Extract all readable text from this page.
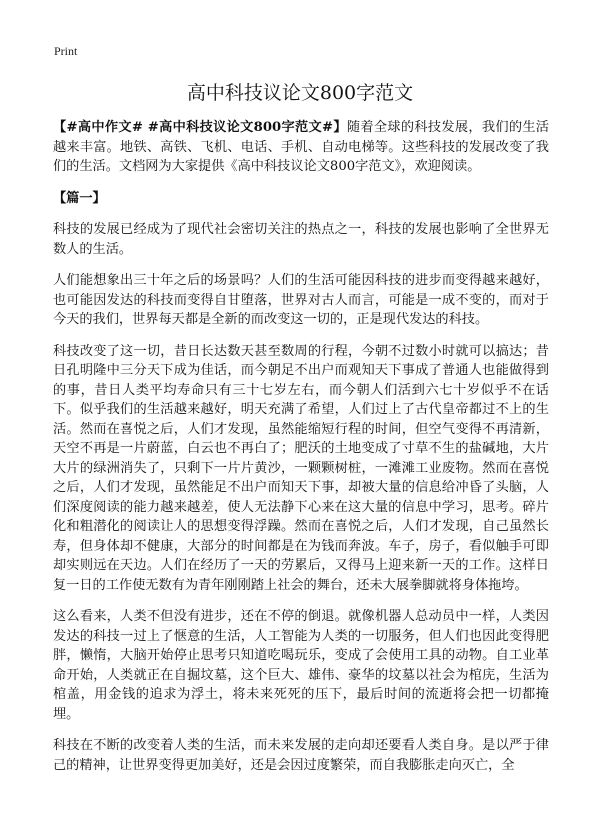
Print
高中科技议论文800字范文

【#高中作文# #高中科技议论文800字范文#】随着全球的科技发展，我们的生活越来丰富。地铁、高铁、飞机、电话、手机、自动电梯等。这些科技的发展改变了我们的生活。文档网为大家提供《高中科技议论文800字范文》，欢迎阅读。

【篇一】

科技的发展已经成为了现代社会密切关注的热点之一，科技的发展也影响了全世界无数人的生活。

人们能想象出三十年之后的场景吗？人们的生活可能因科技的进步而变得越来越好，也可能因发达的科技而变得自甘堕落，世界对古人而言，可能是一成不变的，而对于今天的我们，世界每天都是全新的而改变这一切的，正是现代发达的科技。

科技改变了这一切，昔日长达数天甚至数周的行程，今朝不过数小时就可以搞达；昔日孔明隆中三分天下成为佳话，而今朝足不出户而观知天下事成了普通人也能做得到的事，昔日人类平均寿命只有三十七岁左右，而今朝人们活到六七十岁似乎不在话下。似乎我们的生活越来越好，明天充满了希望，人们过上了古代皇帝都过不上的生活。然而在喜悦之后，人们才发现，虽然能缩短行程的时间，但空气变得不再清新，天空不再是一片蔚蓝，白云也不再白了；肥沃的土地变成了寸草不生的盐碱地，大片大片的绿洲消失了，只剩下一片片黄沙，一颗颗树桩，一滩滩工业废物。然而在喜悦之后，人们才发现，虽然能足不出户而知天下事，却被大量的信息给冲昏了头脑，人们深度阅读的能力越来越差，使人无法静下心来在这大量的信息中学习，思考。碎片化和粗潜化的阅读让人的思想变得浮躁。然而在喜悦之后，人们才发现，自己虽然长寿，但身体却不健康，大部分的时间都是在为钱而奔波。车子，房子，看似触手可即却实则远在天边。人们在经历了一天的劳累后，又得马上迎来新一天的工作。这样日复一日的工作使无数有为青年刚刚踏上社会的舞台，还未大展拳脚就将身体拖垮。

这么看来，人类不但没有进步，还在不停的倒退。就像机器人总动员中一样，人类因发达的科技一过上了惬意的生活，人工智能为人类的一切服务，但人们也因此变得肥胖，懒惰，大脑开始停止思考只知道吃喝玩乐，变成了会使用工具的动物。自工业革命开始，人类就正在自掘坟墓，这个巨大、雄伟、豪华的坟墓以社会为棺庑，生活为棺盖，用金钱的追求为浮土，将未来死死的压下，最后时间的流逝将会把一切都掩埋。

科技在不断的改变着人类的生活，而未来发展的走向却还要看人类自身。是以严于律己的精神，让世界变得更加美好，还是会因过度繁荣，而自我膨胀走向灭亡，全
